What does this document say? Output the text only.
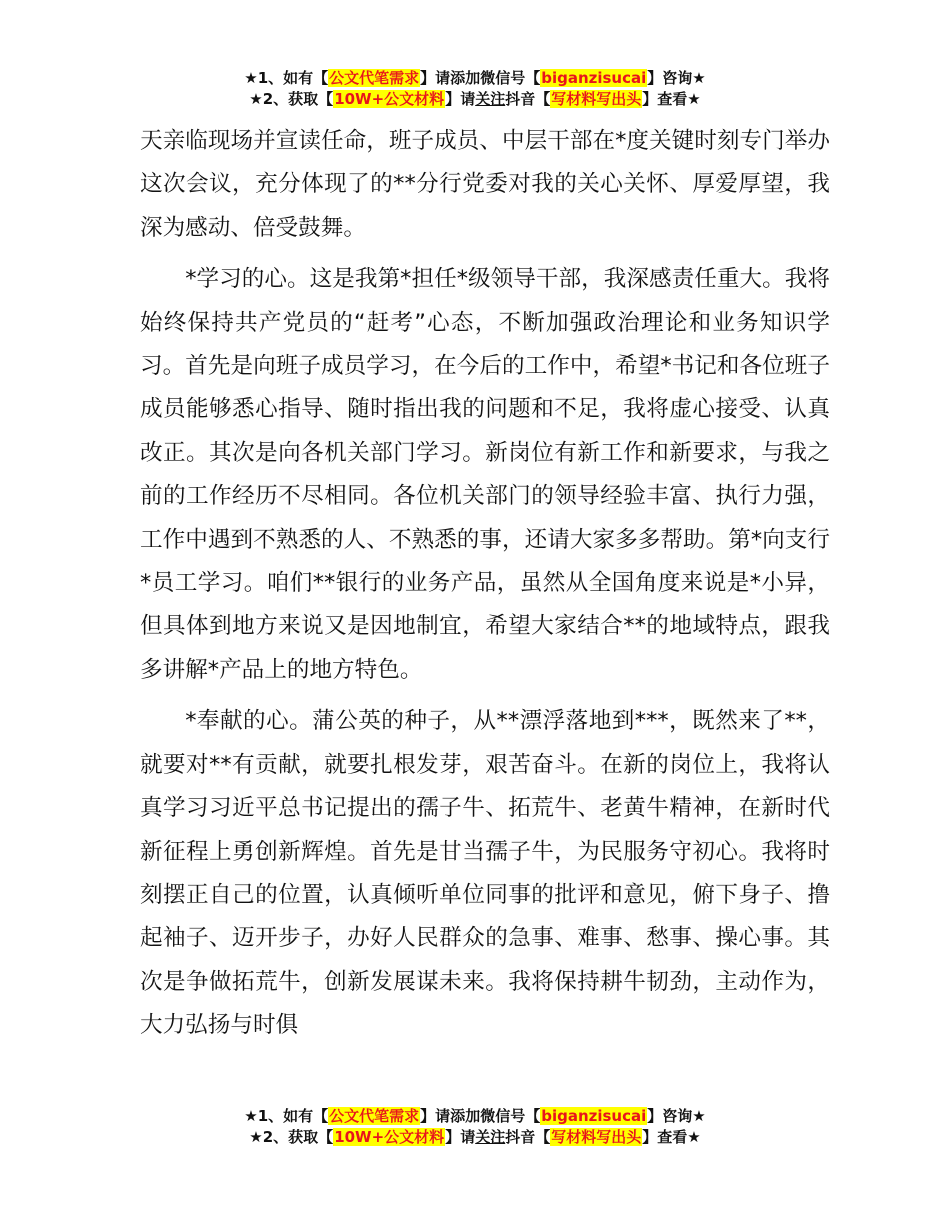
★1、如有【公文代笔需求】请添加微信号【biganzisucai】咨询★
★2、获取【10W+公文材料】请关注抖音【写材料写出头】查看★

天亲临现场并宣读任命，班子成员、中层干部在*度关键时刻专门举办这次会议，充分体现了的**分行党委对我的关心关怀、厚爱厚望，我深为感动、倍受鼓舞。

*学习的心。这是我第*担任*级领导干部，我深感责任重大。我将始终保持共产党员的“赶考”心态，不断加强政治理论和业务知识学习。首先是向班子成员学习，在今后的工作中，希望*书记和各位班子成员能够悉心指导、随时指出我的问题和不足，我将虚心接受、认真改正。其次是向各机关部门学习。新岗位有新工作和新要求，与我之前的工作经历不尽相同。各位机关部门的领导经验丰富、执行力强，工作中遇到不熟悉的人、不熟悉的事，还请大家多多帮助。第*向支行*员工学习。咱们**银行的业务产品，虽然从全国角度来说是*小异，但具体到地方来说又是因地制宜，希望大家结合**的地域特点，跟我多讲解*产品上的地方特色。

*奉献的心。蒲公英的种子，从**漂浮落地到***，既然来了**，就要对**有贡献，就要扎根发芽，艰苦奋斗。在新的岗位上，我将认真学习习近平总书记提出的孺子牛、拓荒牛、老黄牛精神，在新时代新征程上勇创新辉煌。首先是甘当孺子牛，为民服务守初心。我将时刻摆正自己的位置，认真倾听单位同事的批评和意见，俯下身子、撸起袖子、迈开步子，办好人民群众的急事、难事、愁事、操心事。其次是争做拓荒牛，创新发展谋未来。我将保持耕牛韧劲，主动作为，大力弘扬与时俱

★1、如有【公文代笔需求】请添加微信号【biganzisucai】咨询★
★2、获取【10W+公文材料】请关注抖音【写材料写出头】查看★
